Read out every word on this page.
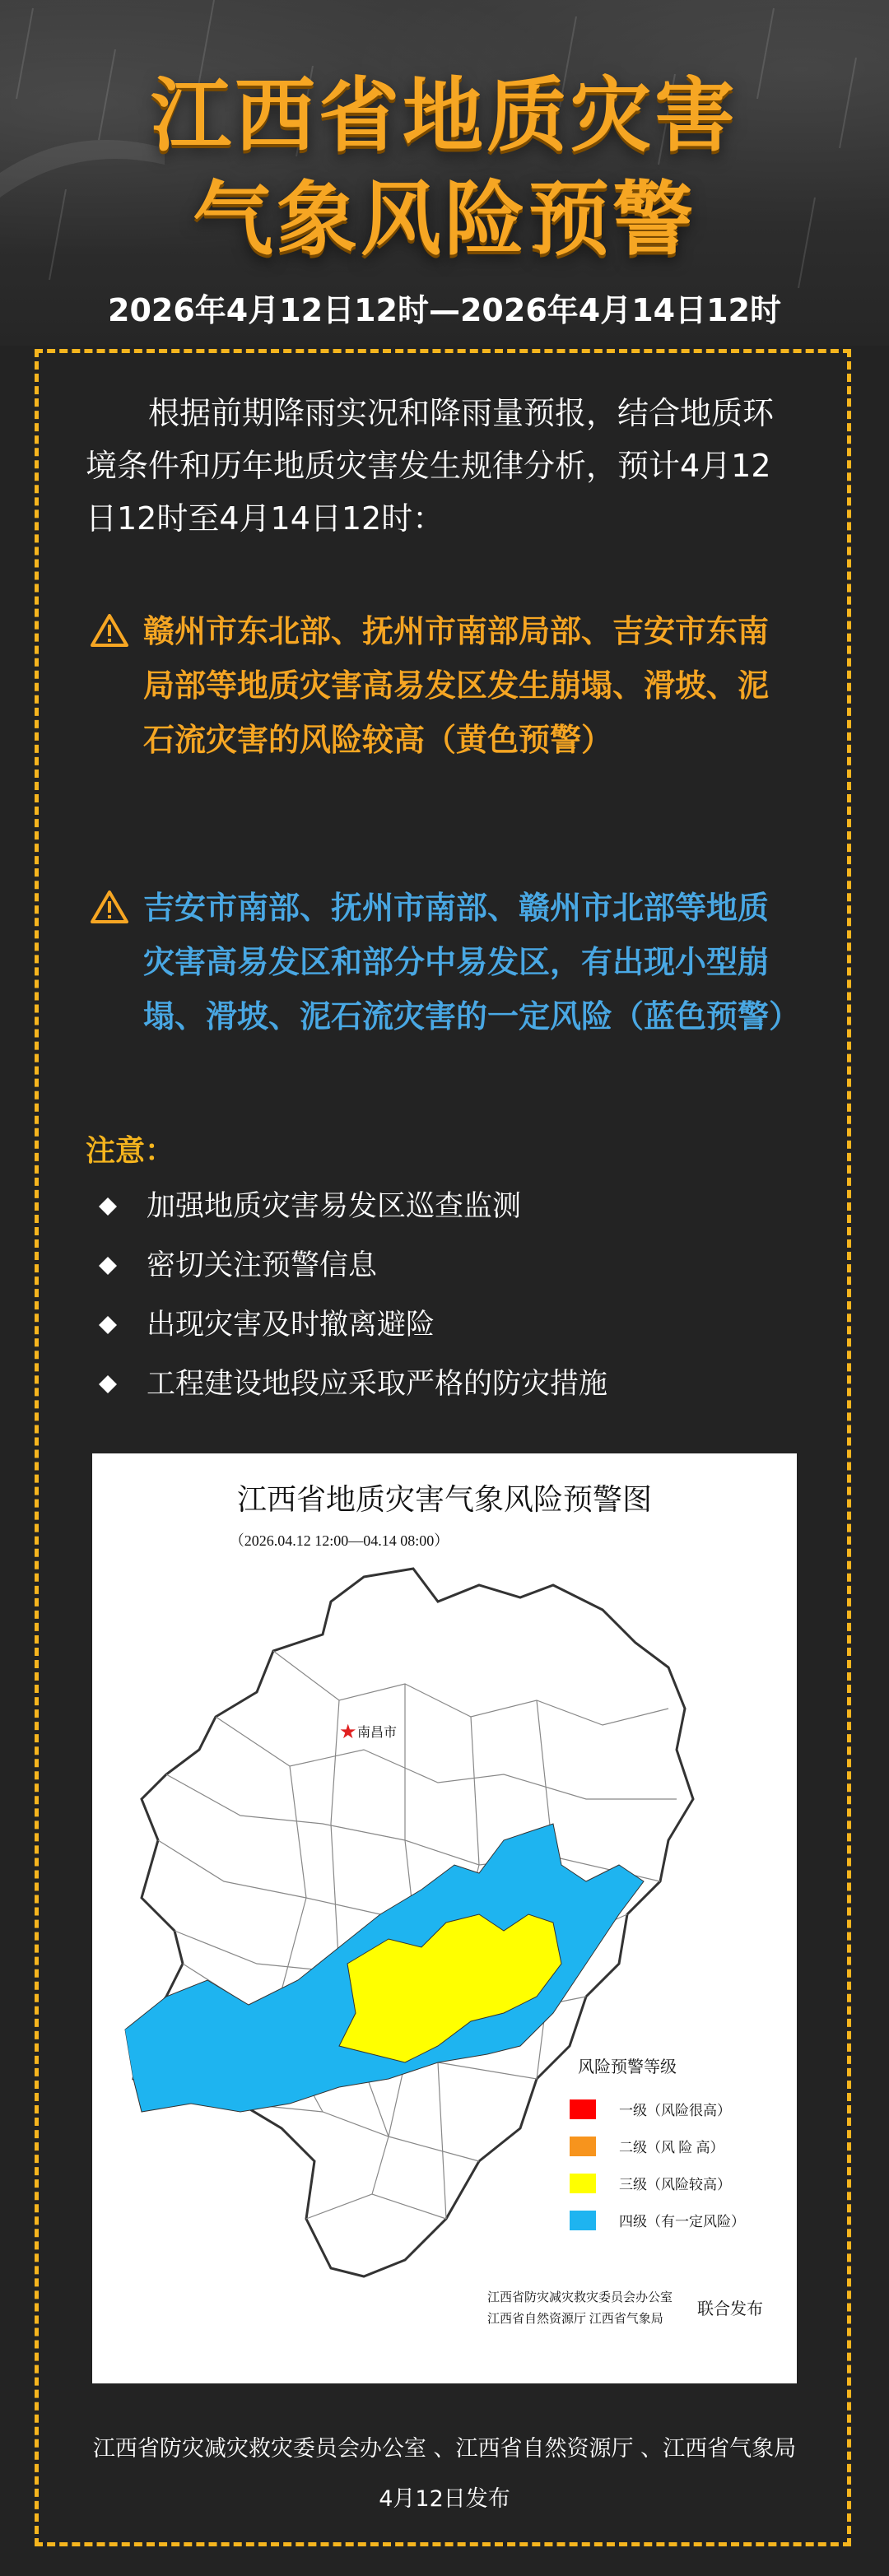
江西省地质灾害
气象风险预警
2026年4月12日12时—2026年4月14日12时

根据前期降雨实况和降雨量预报，结合地质环境条件和历年地质灾害发生规律分析，预计4月12日12时至4月14日12时：

赣州市东北部、抚州市南部局部、吉安市东南局部等地质灾害高易发区发生崩塌、滑坡、泥石流灾害的风险较高（黄色预警）

吉安市南部、抚州市南部、赣州市北部等地质灾害高易发区和部分中易发区，有出现小型崩塌、滑坡、泥石流灾害的一定风险（蓝色预警）

注意：
加强地质灾害易发区巡查监测
密切关注预警信息
出现灾害及时撤离避险
工程建设地段应采取严格的防灾措施
江西省地质灾害气象风险预警图
（2026.04.12 12:00—04.14 08:00）
★ 南昌市
风险预警等级
一级（风险很高）
二级（风 险 高）
三级（风险较高）
四级（有一定风险）
江西省防灾减灾救灾委员会办公室
江西省自然资源厅 江西省气象局
联合发布

江西省防灾减灾救灾委员会办公室 、江西省自然资源厅 、江西省气象局

4月12日发布
